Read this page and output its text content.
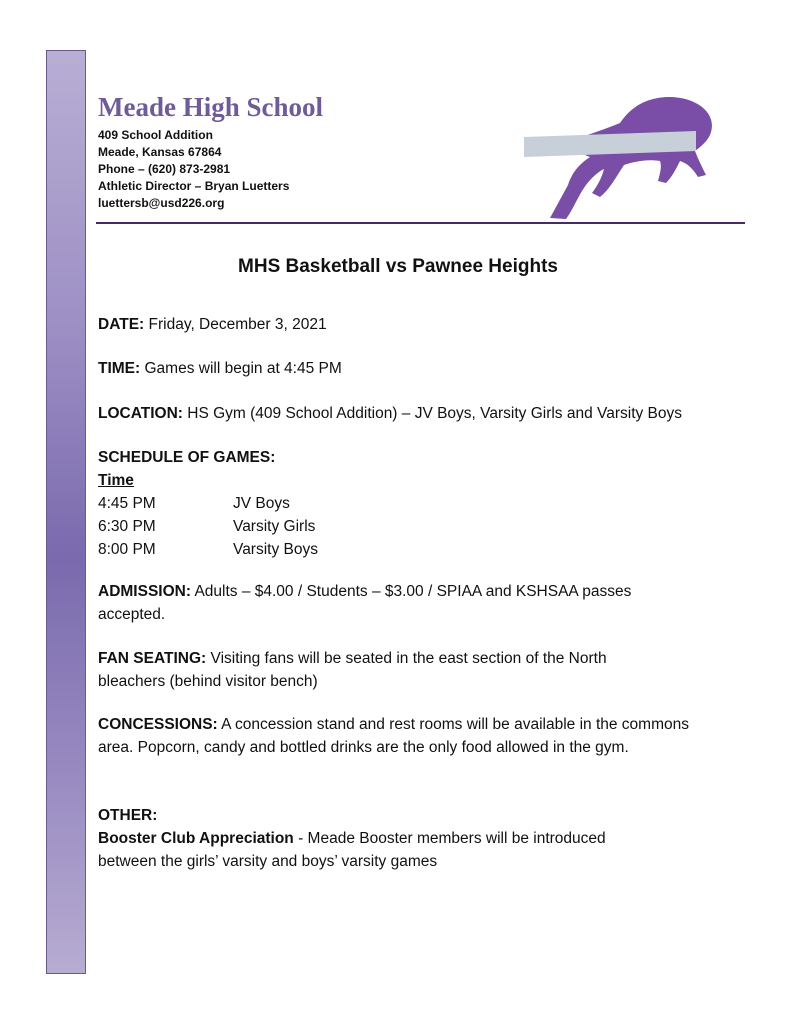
Meade High School
409 School Addition
Meade, Kansas 67864
Phone – (620) 873-2981
Athletic Director – Bryan Luetters
luettersb@usd226.org
MHS Basketball vs Pawnee Heights
DATE: Friday, December 3, 2021
TIME: Games will begin at 4:45 PM
LOCATION: HS Gym (409 School Addition) – JV Boys, Varsity Girls and Varsity Boys
SCHEDULE OF GAMES:
Time
4:45 PM	JV Boys
6:30 PM	Varsity Girls
8:00 PM	Varsity Boys
ADMISSION: Adults – $4.00 / Students – $3.00 / SPIAA and KSHSAA passes accepted.
FAN SEATING: Visiting fans will be seated in the east section of the North bleachers (behind visitor bench)
CONCESSIONS: A concession stand and rest rooms will be available in the commons area. Popcorn, candy and bottled drinks are the only food allowed in the gym.
OTHER:
Booster Club Appreciation - Meade Booster members will be introduced between the girls’ varsity and boys’ varsity games
